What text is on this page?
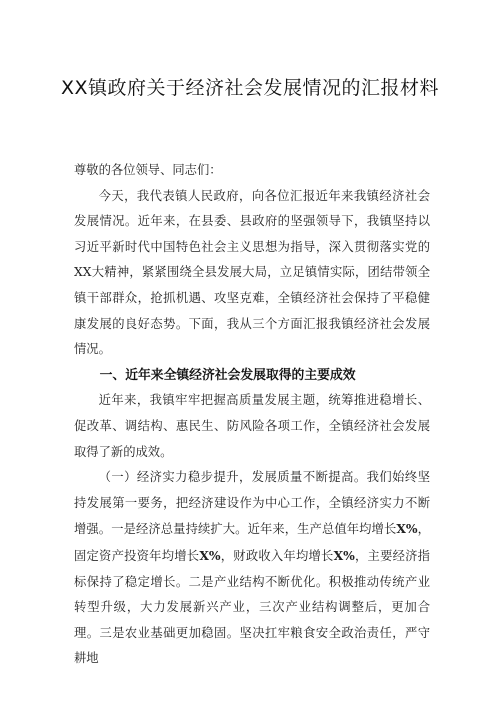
XX镇政府关于经济社会发展情况的汇报材料

尊敬的各位领导、同志们：

今天，我代表镇人民政府，向各位汇报近年来我镇经济社会发展情况。近年来，在县委、县政府的坚强领导下，我镇坚持以习近平新时代中国特色社会主义思想为指导，深入贯彻落实党的XX大精神，紧紧围绕全县发展大局，立足镇情实际，团结带领全镇干部群众，抢抓机遇、攻坚克难，全镇经济社会保持了平稳健康发展的良好态势。下面，我从三个方面汇报我镇经济社会发展情况。

一、近年来全镇经济社会发展取得的主要成效

近年来，我镇牢牢把握高质量发展主题，统筹推进稳增长、促改革、调结构、惠民生、防风险各项工作，全镇经济社会发展取得了新的成效。

（一）经济实力稳步提升，发展质量不断提高。我们始终坚持发展第一要务，把经济建设作为中心工作，全镇经济实力不断增强。一是经济总量持续扩大。近年来，生产总值年均增长X%，固定资产投资年均增长X%，财政收入年均增长X%，主要经济指标保持了稳定增长。二是产业结构不断优化。积极推动传统产业转型升级，大力发展新兴产业，三次产业结构调整后，更加合理。三是农业基础更加稳固。坚决扛牢粮食安全政治责任，严守耕地
